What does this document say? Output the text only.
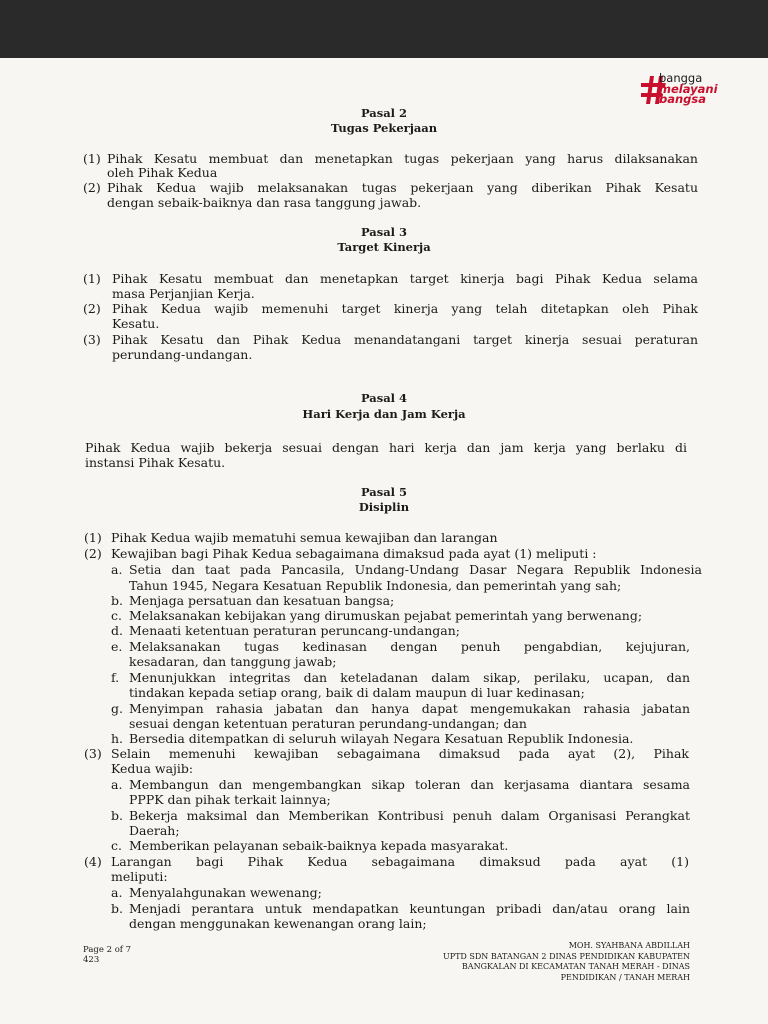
bangga
melayani
bangsa
Pasal 2
Tugas Pekerjaan
(1) Pihak Kesatu membuat dan menetapkan tugas pekerjaan yang harus dilaksanakan
oleh Pihak Kedua
(2) Pihak Kedua wajib melaksanakan tugas pekerjaan yang diberikan Pihak Kesatu
dengan sebaik-baiknya dan rasa tanggung jawab.
Pasal 3
Target Kinerja
(1) Pihak Kesatu membuat dan menetapkan target kinerja bagi Pihak Kedua selama
masa Perjanjian Kerja.
(2) Pihak Kedua wajib memenuhi target kinerja yang telah ditetapkan oleh Pihak
Kesatu.
(3) Pihak Kesatu dan Pihak Kedua menandatangani target kinerja sesuai peraturan
perundang-undangan.
Pasal 4
Hari Kerja dan Jam Kerja
Pihak Kedua wajib bekerja sesuai dengan hari kerja dan jam kerja yang berlaku di
instansi Pihak Kesatu.
Pasal 5
Disiplin
(1) Pihak Kedua wajib mematuhi semua kewajiban dan larangan
(2) Kewajiban bagi Pihak Kedua sebagaimana dimaksud pada ayat (1) meliputi :
a. Setia dan taat pada Pancasila, Undang-Undang Dasar Negara Republik Indonesia
Tahun 1945, Negara Kesatuan Republik Indonesia, dan pemerintah yang sah;
b. Menjaga persatuan dan kesatuan bangsa;
c. Melaksanakan kebijakan yang dirumuskan pejabat pemerintah yang berwenang;
d. Menaati ketentuan peraturan peruncang-undangan;
e. Melaksanakan tugas kedinasan dengan penuh pengabdian, kejujuran,
kesadaran, dan tanggung jawab;
f. Menunjukkan integritas dan keteladanan dalam sikap, perilaku, ucapan, dan
tindakan kepada setiap orang, baik di dalam maupun di luar kedinasan;
g. Menyimpan rahasia jabatan dan hanya dapat mengemukakan rahasia jabatan
sesuai dengan ketentuan peraturan perundang-undangan; dan
h. Bersedia ditempatkan di seluruh wilayah Negara Kesatuan Republik Indonesia.
(3) Selain memenuhi kewajiban sebagaimana dimaksud pada ayat (2), Pihak
Kedua wajib:
a. Membangun dan mengembangkan sikap toleran dan kerjasama diantara sesama
PPPK dan pihak terkait lainnya;
b. Bekerja maksimal dan Memberikan Kontribusi penuh dalam Organisasi Perangkat
Daerah;
c. Memberikan pelayanan sebaik-baiknya kepada masyarakat.
(4) Larangan bagi Pihak Kedua sebagaimana dimaksud pada ayat (1)
meliputi:
a. Menyalahgunakan wewenang;
b. Menjadi perantara untuk mendapatkan keuntungan pribadi dan/atau orang lain
dengan menggunakan kewenangan orang lain;
Page 2 of 7
423
MOH. SYAHBANA ABDILLAH
UPTD SDN BATANGAN 2 DINAS PENDIDIKAN KABUPATEN
BANGKALAN DI KECAMATAN TANAH MERAH - DINAS
PENDIDIKAN / TANAH MERAH
